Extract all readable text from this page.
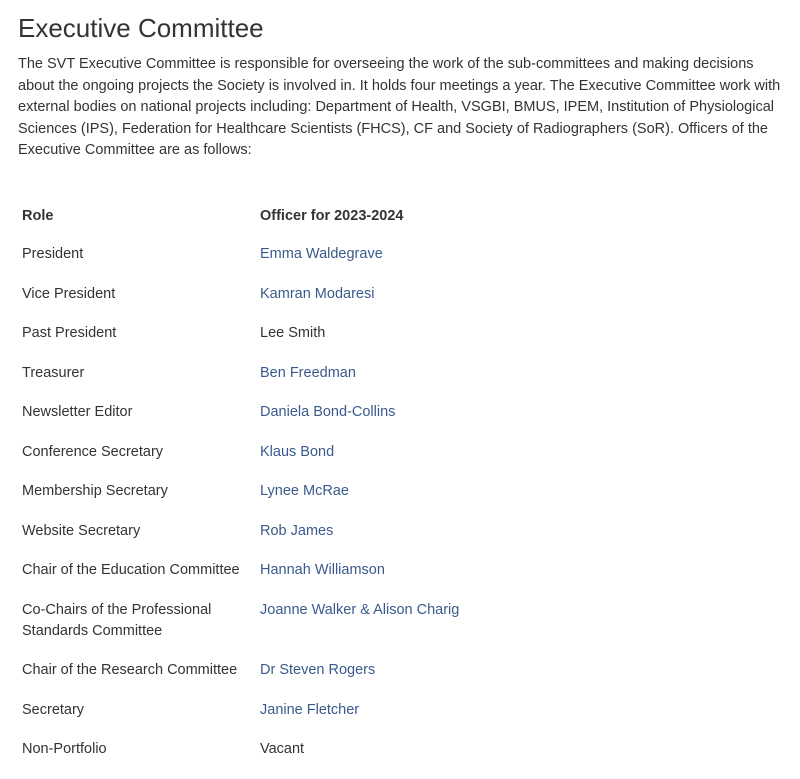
Executive Committee

The SVT Executive Committee is responsible for overseeing the work of the sub-committees and making decisions about the ongoing projects the Society is involved in. It holds four meetings a year. The Executive Committee work with external bodies on national projects including: Department of Health, VSGBI, BMUS, IPEM, Institution of Physiological Sciences (IPS), Federation for Healthcare Scientists (FHCS), CF and Society of Radiographers (SoR). Officers of the Executive Committee are as follows:

Role	Officer for 2023-2024
President	Emma Waldegrave
Vice President	Kamran Modaresi
Past President	Lee Smith
Treasurer	Ben Freedman
Newsletter Editor	Daniela Bond-Collins
Conference Secretary	Klaus Bond
Membership Secretary	Lynee McRae
Website Secretary	Rob James
Chair of the Education Committee	Hannah Williamson
Co-Chairs of the Professional Standards Committee	Joanne Walker & Alison Charig
Chair of the Research Committee	Dr Steven Rogers
Secretary	Janine Fletcher
Non-Portfolio	Vacant
